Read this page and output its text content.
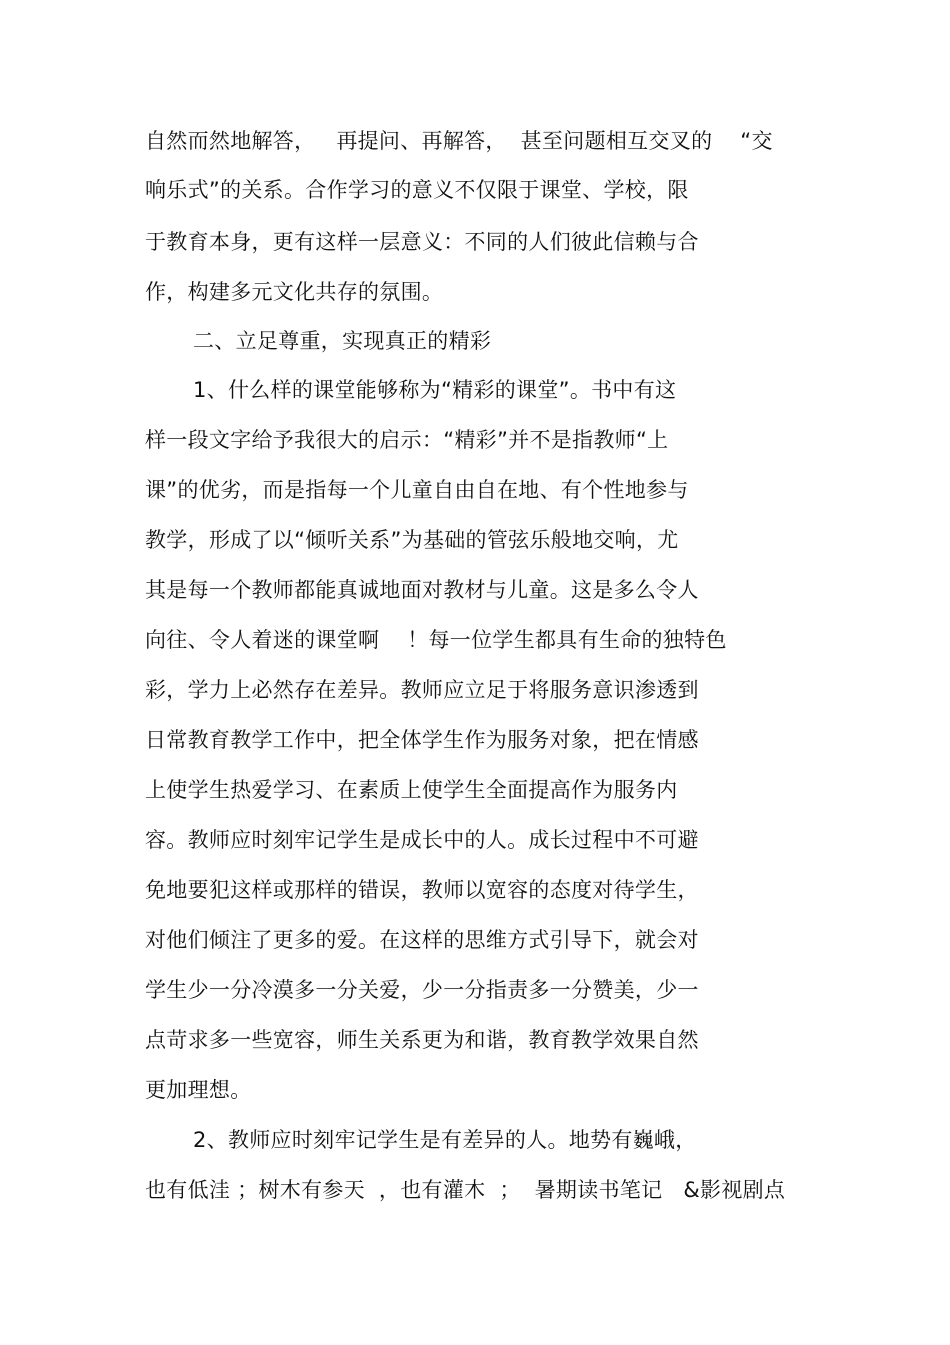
自然而然地解答，   再提问、再解答，  甚至问题相互交叉的    “交
响乐式”的关系。合作学习的意义不仅限于课堂、学校，限
于教育本身，更有这样一层意义：不同的人们彼此信赖与合
作，构建多元文化共存的氛围。
二、立足尊重，实现真正的精彩
1、什么样的课堂能够称为“精彩的课堂”。书中有这
样一段文字给予我很大的启示：“精彩”并不是指教师“上
课”的优劣，而是指每一个儿童自由自在地、有个性地参与
教学，形成了以“倾听关系”为基础的管弦乐般地交响，尤
其是每一个教师都能真诚地面对教材与儿童。这是多么令人
向往、令人着迷的课堂啊    ！每一位学生都具有生命的独特色
彩，学力上必然存在差异。教师应立足于将服务意识渗透到
日常教育教学工作中，把全体学生作为服务对象，把在情感
上使学生热爱学习、在素质上使学生全面提高作为服务内
容。教师应时刻牢记学生是成长中的人。成长过程中不可避
免地要犯这样或那样的错误，教师以宽容的态度对待学生，
对他们倾注了更多的爱。在这样的思维方式引导下，就会对
学生少一分冷漠多一分关爱，少一分指责多一分赞美，少一
点苛求多一些宽容，师生关系更为和谐，教育教学效果自然
更加理想。
2、教师应时刻牢记学生是有差异的人。地势有巍峨，
也有低洼 ；树木有参天  ，也有灌木  ；  暑期读书笔记   &影视剧点
